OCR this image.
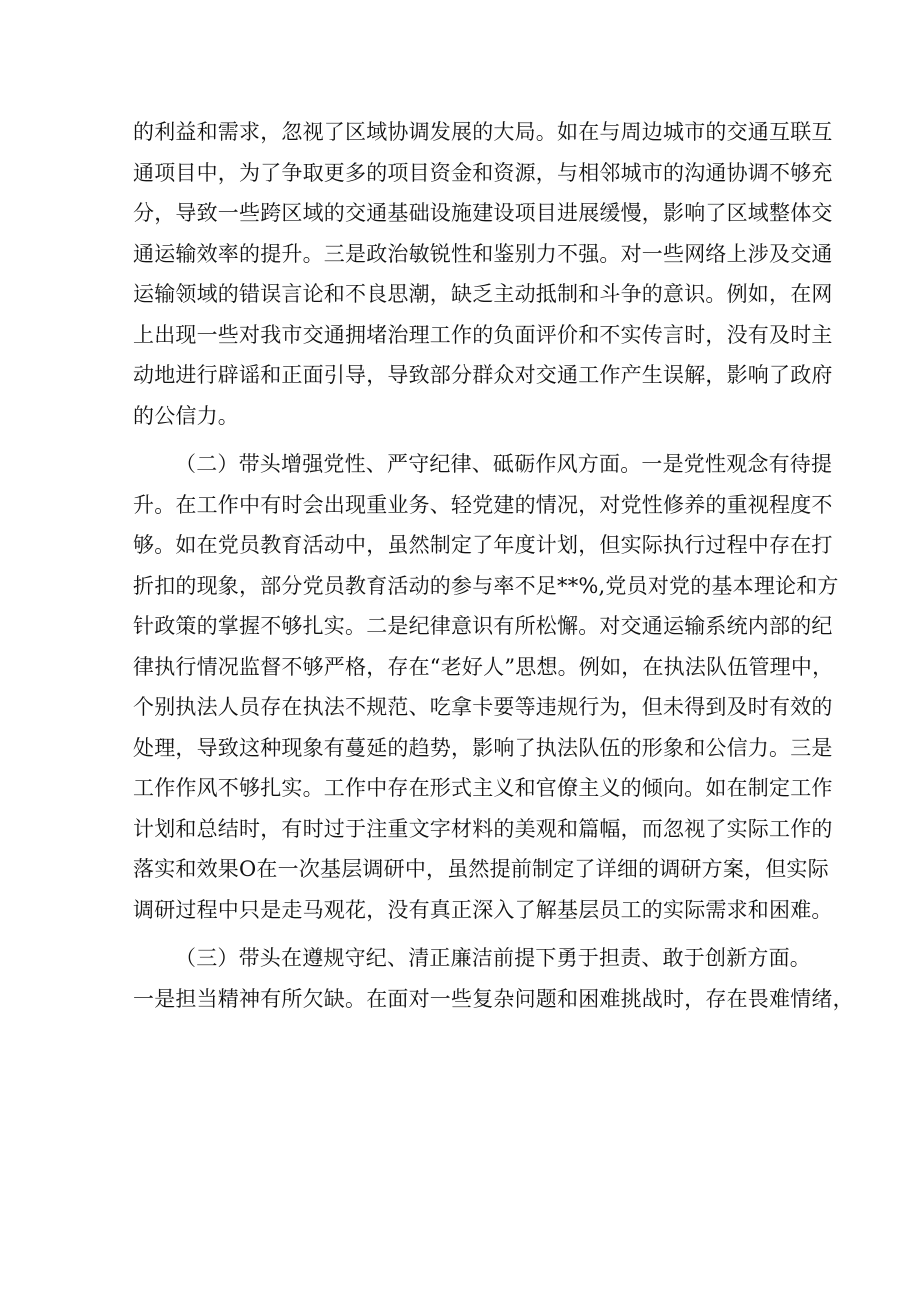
的利益和需求，忽视了区域协调发展的大局。如在与周边城市的交通互联互
通项目中，为了争取更多的项目资金和资源，与相邻城市的沟通协调不够充
分，导致一些跨区域的交通基础设施建设项目进展缓慢，影响了区域整体交
通运输效率的提升。三是政治敏锐性和鉴别力不强。对一些网络上涉及交通
运输领域的错误言论和不良思潮，缺乏主动抵制和斗争的意识。例如，在网
上出现一些对我市交通拥堵治理工作的负面评价和不实传言时，没有及时主
动地进行辟谣和正面引导，导致部分群众对交通工作产生误解，影响了政府
的公信力。
（二）带头增强党性、严守纪律、砥砺作风方面。一是党性观念有待提
升。在工作中有时会出现重业务、轻党建的情况，对党性修养的重视程度不
够。如在党员教育活动中，虽然制定了年度计划，但实际执行过程中存在打
折扣的现象，部分党员教育活动的参与率不足**%,党员对党的基本理论和方
针政策的掌握不够扎实。二是纪律意识有所松懈。对交通运输系统内部的纪
律执行情况监督不够严格，存在“老好人”思想。例如，在执法队伍管理中，
个别执法人员存在执法不规范、吃拿卡要等违规行为，但未得到及时有效的
处理，导致这种现象有蔓延的趋势，影响了执法队伍的形象和公信力。三是
工作作风不够扎实。工作中存在形式主义和官僚主义的倾向。如在制定工作
计划和总结时，有时过于注重文字材料的美观和篇幅，而忽视了实际工作的
落实和效果O在一次基层调研中，虽然提前制定了详细的调研方案，但实际
调研过程中只是走马观花，没有真正深入了解基层员工的实际需求和困难。
（三）带头在遵规守纪、清正廉洁前提下勇于担责、敢于创新方面。
一是担当精神有所欠缺。在面对一些复杂问题和困难挑战时，存在畏难情绪，
